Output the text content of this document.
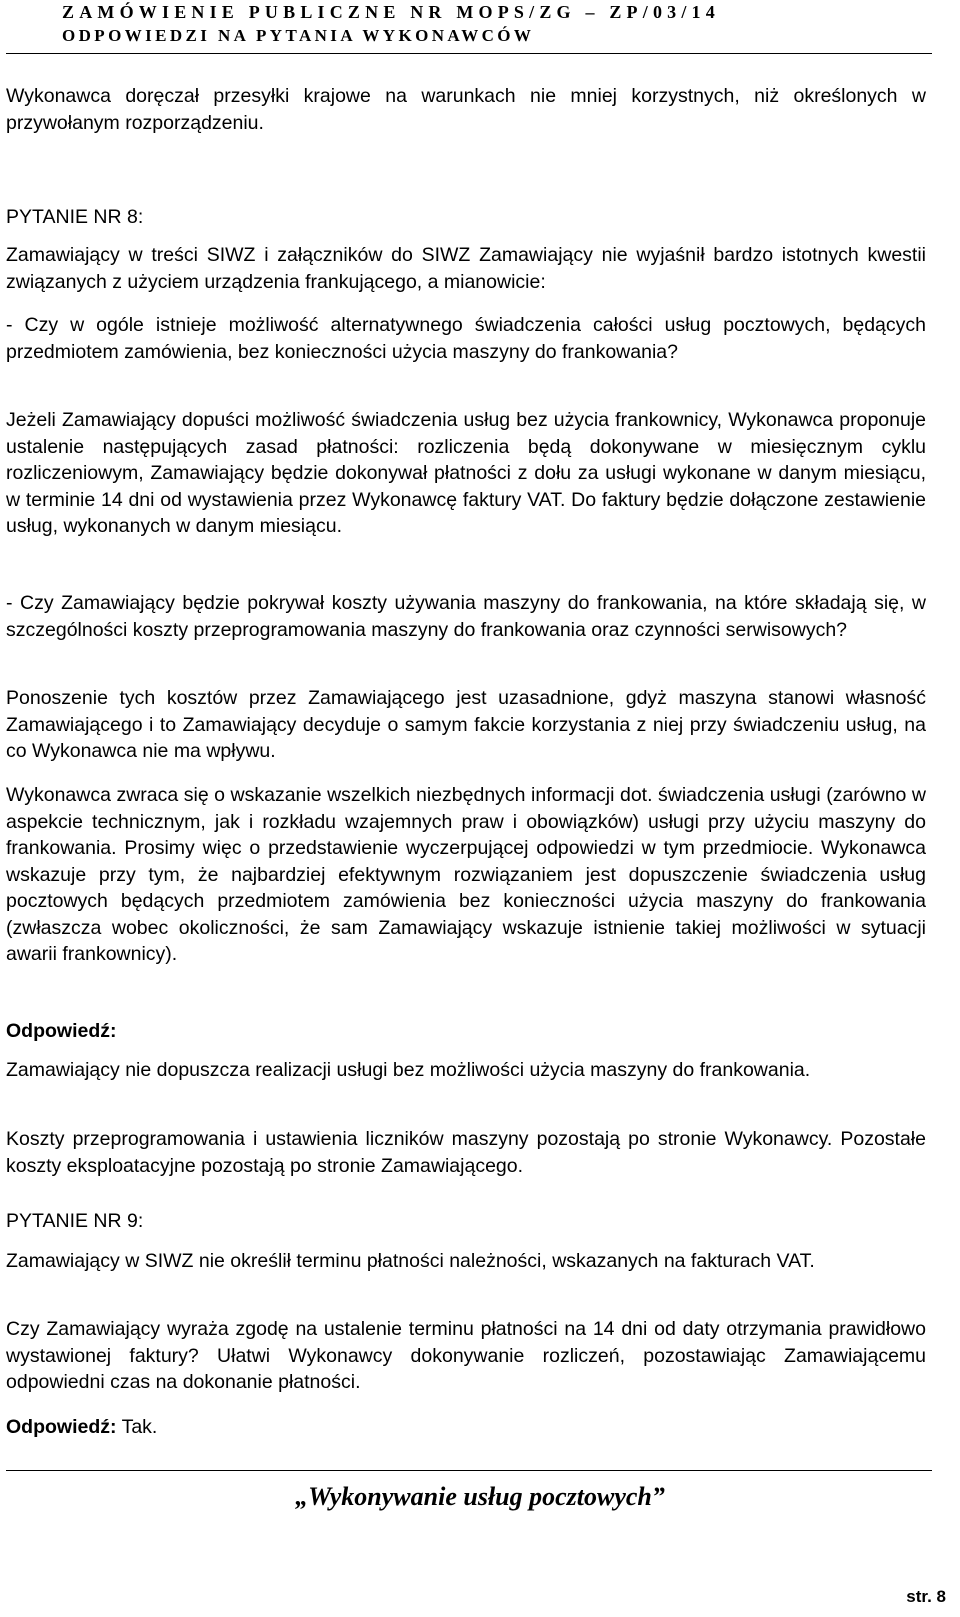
ZAMÓWIENIE PUBLICZNE NR MOPS/ZG – ZP/03/14
ODPOWIEDZI NA PYTANIA WYKONAWCÓW

Wykonawca doręczał przesyłki krajowe na warunkach nie mniej korzystnych, niż określonych w przywołanym rozporządzeniu.

PYTANIE NR 8:

Zamawiający w treści SIWZ i załączników do SIWZ Zamawiający nie wyjaśnił bardzo istotnych kwestii związanych z użyciem urządzenia frankującego, a mianowicie:

- Czy w ogóle istnieje możliwość alternatywnego świadczenia całości usług pocztowych, będących przedmiotem zamówienia, bez konieczności użycia maszyny do frankowania?

Jeżeli Zamawiający dopuści możliwość świadczenia usług bez użycia frankownicy, Wykonawca proponuje ustalenie następujących zasad płatności: rozliczenia będą dokonywane w miesięcznym cyklu rozliczeniowym, Zamawiający będzie dokonywał płatności z dołu za usługi wykonane w danym miesiącu, w terminie 14 dni od wystawienia przez Wykonawcę faktury VAT. Do faktury będzie dołączone zestawienie usług, wykonanych w danym miesiącu.

- Czy Zamawiający będzie pokrywał koszty używania maszyny do frankowania, na które składają się, w szczególności koszty przeprogramowania maszyny do frankowania oraz czynności serwisowych?

Ponoszenie tych kosztów przez Zamawiającego jest uzasadnione, gdyż maszyna stanowi własność Zamawiającego i to Zamawiający decyduje o samym fakcie korzystania z niej przy świadczeniu usług, na co Wykonawca nie ma wpływu.

Wykonawca zwraca się o wskazanie wszelkich niezbędnych informacji dot. świadczenia usługi (zarówno w aspekcie technicznym, jak i rozkładu wzajemnych praw i obowiązków) usługi przy użyciu maszyny do frankowania. Prosimy więc o przedstawienie wyczerpującej odpowiedzi w tym przedmiocie. Wykonawca wskazuje przy tym, że najbardziej efektywnym rozwiązaniem jest dopuszczenie świadczenia usług pocztowych będących przedmiotem zamówienia bez konieczności użycia maszyny do frankowania (zwłaszcza wobec okoliczności, że sam Zamawiający wskazuje istnienie takiej możliwości w sytuacji awarii frankownicy).

Odpowiedź:

Zamawiający nie dopuszcza realizacji usługi bez możliwości użycia maszyny do frankowania.

Koszty przeprogramowania i ustawienia liczników maszyny pozostają po stronie Wykonawcy. Pozostałe koszty eksploatacyjne pozostają po stronie Zamawiającego.

PYTANIE NR 9:

Zamawiający w SIWZ nie określił terminu płatności należności, wskazanych na fakturach VAT.

Czy Zamawiający wyraża zgodę na ustalenie terminu płatności na 14 dni od daty otrzymania prawidłowo wystawionej faktury? Ułatwi Wykonawcy dokonywanie rozliczeń, pozostawiając Zamawiającemu odpowiedni czas na dokonanie płatności.

Odpowiedź: Tak.

„Wykonywanie usług pocztowych”
str. 8
